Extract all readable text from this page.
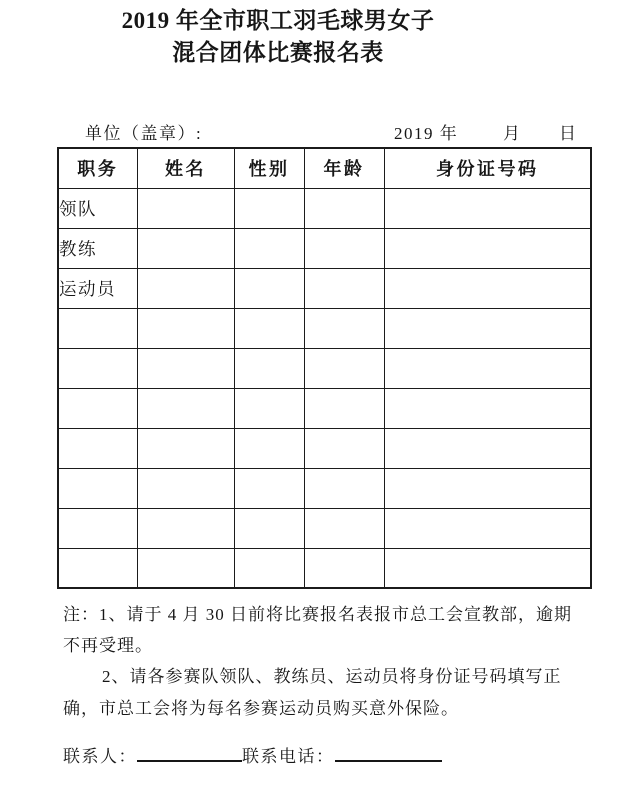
2019 年全市职工羽毛球男女子
混合团体比赛报名表
单位（盖章）:	2019 年	月 日
职务	姓名	性别	年龄	身份证号码
领队				
教练				
运动员				

注：1、请于 4 月 30 日前将比赛报名表报市总工会宣教部，逾期
不再受理。
2、请各参赛队领队、教练员、运动员将身份证号码填写正
确，市总工会将为每名参赛运动员购买意外保险。
联系人：	联系电话：
